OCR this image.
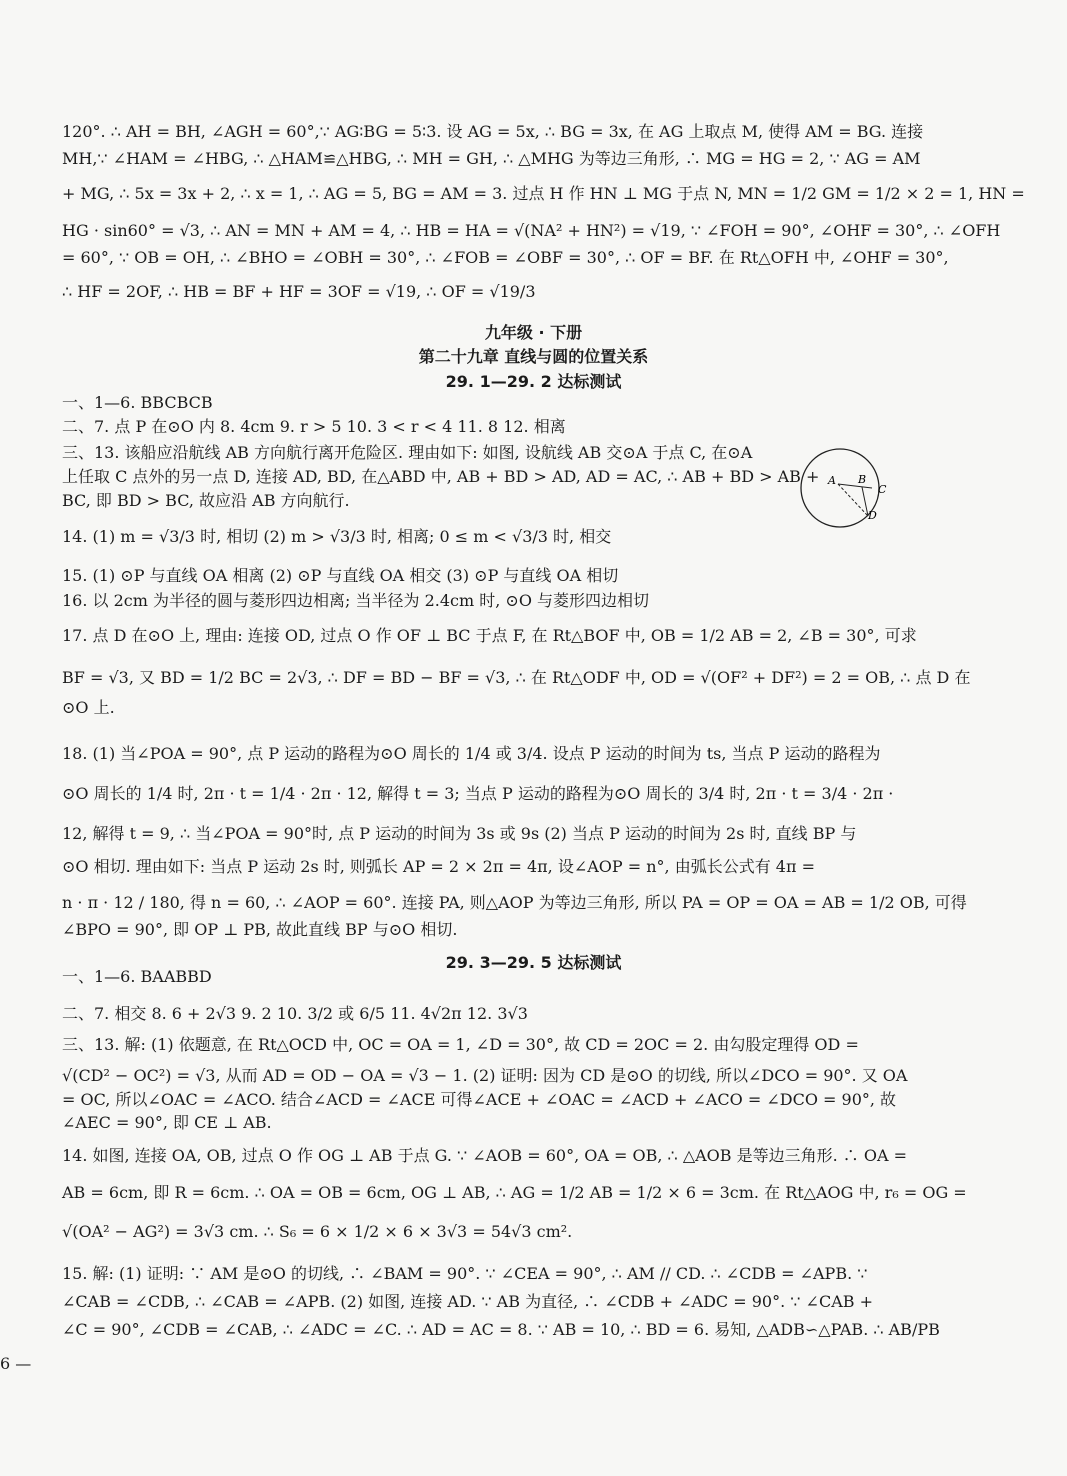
120°. ∴ AH = BH, ∠AGH = 60°,∵ AG∶BG = 5∶3. 设 AG = 5x, ∴ BG = 3x, 在 AG 上取点 M, 使得 AM = BG. 连接
MH,∵ ∠HAM = ∠HBG, ∴ △HAM≌△HBG, ∴ MH = GH, ∴ △MHG 为等边三角形, ∴ MG = HG = 2, ∵ AG = AM
+ MG, ∴ 5x = 3x + 2, ∴ x = 1, ∴ AG = 5, BG = AM = 3. 过点 H 作 HN ⊥ MG 于点 N, MN = 1/2 GM = 1/2 × 2 = 1, HN =
HG · sin60° = √3, ∴ AN = MN + AM = 4, ∴ HB = HA = √(NA² + HN²) = √19, ∵ ∠FOH = 90°, ∠OHF = 30°, ∴ ∠OFH
= 60°, ∵ OB = OH, ∴ ∠BHO = ∠OBH = 30°, ∴ ∠FOB = ∠OBF = 30°, ∴ OF = BF. 在 Rt△OFH 中, ∠OHF = 30°,
∴ HF = 2OF, ∴ HB = BF + HF = 3OF = √19, ∴ OF = √19/3
九年级 · 下册
第二十九章 直线与圆的位置关系
29. 1—29. 2 达标测试
一、1—6. BBCBCB
二、7. 点 P 在⊙O 内 8. 4cm 9. r > 5 10. 3 < r < 4 11. 8 12. 相离
三、13. 该船应沿航线 AB 方向航行离开危险区. 理由如下: 如图, 设航线 AB 交⊙A 于点 C, 在⊙A
上任取 C 点外的另一点 D, 连接 AD, BD, 在△ABD 中, AB + BD > AD, AD = AC, ∴ AB + BD > AB +
BC, 即 BD > BC, 故应沿 AB 方向航行.
A B
C
D
14. (1) m = √3/3 时, 相切 (2) m > √3/3 时, 相离; 0 ≤ m < √3/3 时, 相交
15. (1) ⊙P 与直线 OA 相离 (2) ⊙P 与直线 OA 相交 (3) ⊙P 与直线 OA 相切
16. 以 2cm 为半径的圆与菱形四边相离; 当半径为 2.4cm 时, ⊙O 与菱形四边相切
17. 点 D 在⊙O 上, 理由: 连接 OD, 过点 O 作 OF ⊥ BC 于点 F, 在 Rt△BOF 中, OB = 1/2 AB = 2, ∠B = 30°, 可求
BF = √3, 又 BD = 1/2 BC = 2√3, ∴ DF = BD − BF = √3, ∴ 在 Rt△ODF 中, OD = √(OF² + DF²) = 2 = OB, ∴ 点 D 在
⊙O 上.
18. (1) 当∠POA = 90°, 点 P 运动的路程为⊙O 周长的 1/4 或 3/4. 设点 P 运动的时间为 ts, 当点 P 运动的路程为
⊙O 周长的 1/4 时, 2π · t = 1/4 · 2π · 12, 解得 t = 3; 当点 P 运动的路程为⊙O 周长的 3/4 时, 2π · t = 3/4 · 2π ·
12, 解得 t = 9, ∴ 当∠POA = 90°时, 点 P 运动的时间为 3s 或 9s (2) 当点 P 运动的时间为 2s 时, 直线 BP 与
⊙O 相切. 理由如下: 当点 P 运动 2s 时, 则弧长 AP = 2 × 2π = 4π, 设∠AOP = n°, 由弧长公式有 4π =
n · π · 12 / 180, 得 n = 60, ∴ ∠AOP = 60°. 连接 PA, 则△AOP 为等边三角形, 所以 PA = OP = OA = AB = 1/2 OB, 可得
∠BPO = 90°, 即 OP ⊥ PB, 故此直线 BP 与⊙O 相切.
29. 3—29. 5 达标测试
一、1—6. BAABBD
二、7. 相交 8. 6 + 2√3 9. 2 10. 3/2 或 6/5 11. 4√2π 12. 3√3
三、13. 解: (1) 依题意, 在 Rt△OCD 中, OC = OA = 1, ∠D = 30°, 故 CD = 2OC = 2. 由勾股定理得 OD =
√(CD² − OC²) = √3, 从而 AD = OD − OA = √3 − 1. (2) 证明: 因为 CD 是⊙O 的切线, 所以∠DCO = 90°. 又 OA
= OC, 所以∠OAC = ∠ACO. 结合∠ACD = ∠ACE 可得∠ACE + ∠OAC = ∠ACD + ∠ACO = ∠DCO = 90°, 故
∠AEC = 90°, 即 CE ⊥ AB.
14. 如图, 连接 OA, OB, 过点 O 作 OG ⊥ AB 于点 G. ∵ ∠AOB = 60°, OA = OB, ∴ △AOB 是等边三角形. ∴ OA =
AB = 6cm, 即 R = 6cm. ∴ OA = OB = 6cm, OG ⊥ AB, ∴ AG = 1/2 AB = 1/2 × 6 = 3cm. 在 Rt△AOG 中, r₆ = OG =
√(OA² − AG²) = 3√3 cm. ∴ S₆ = 6 × 1/2 × 6 × 3√3 = 54√3 cm².
15. 解: (1) 证明: ∵ AM 是⊙O 的切线, ∴ ∠BAM = 90°. ∵ ∠CEA = 90°, ∴ AM // CD. ∴ ∠CDB = ∠APB. ∵
∠CAB = ∠CDB, ∴ ∠CAB = ∠APB. (2) 如图, 连接 AD. ∵ AB 为直径, ∴ ∠CDB + ∠ADC = 90°. ∵ ∠CAB +
∠C = 90°, ∠CDB = ∠CAB, ∴ ∠ADC = ∠C. ∴ AD = AC = 8. ∵ AB = 10, ∴ BD = 6. 易知, △ADB∽△PAB. ∴ AB/PB
6 —
